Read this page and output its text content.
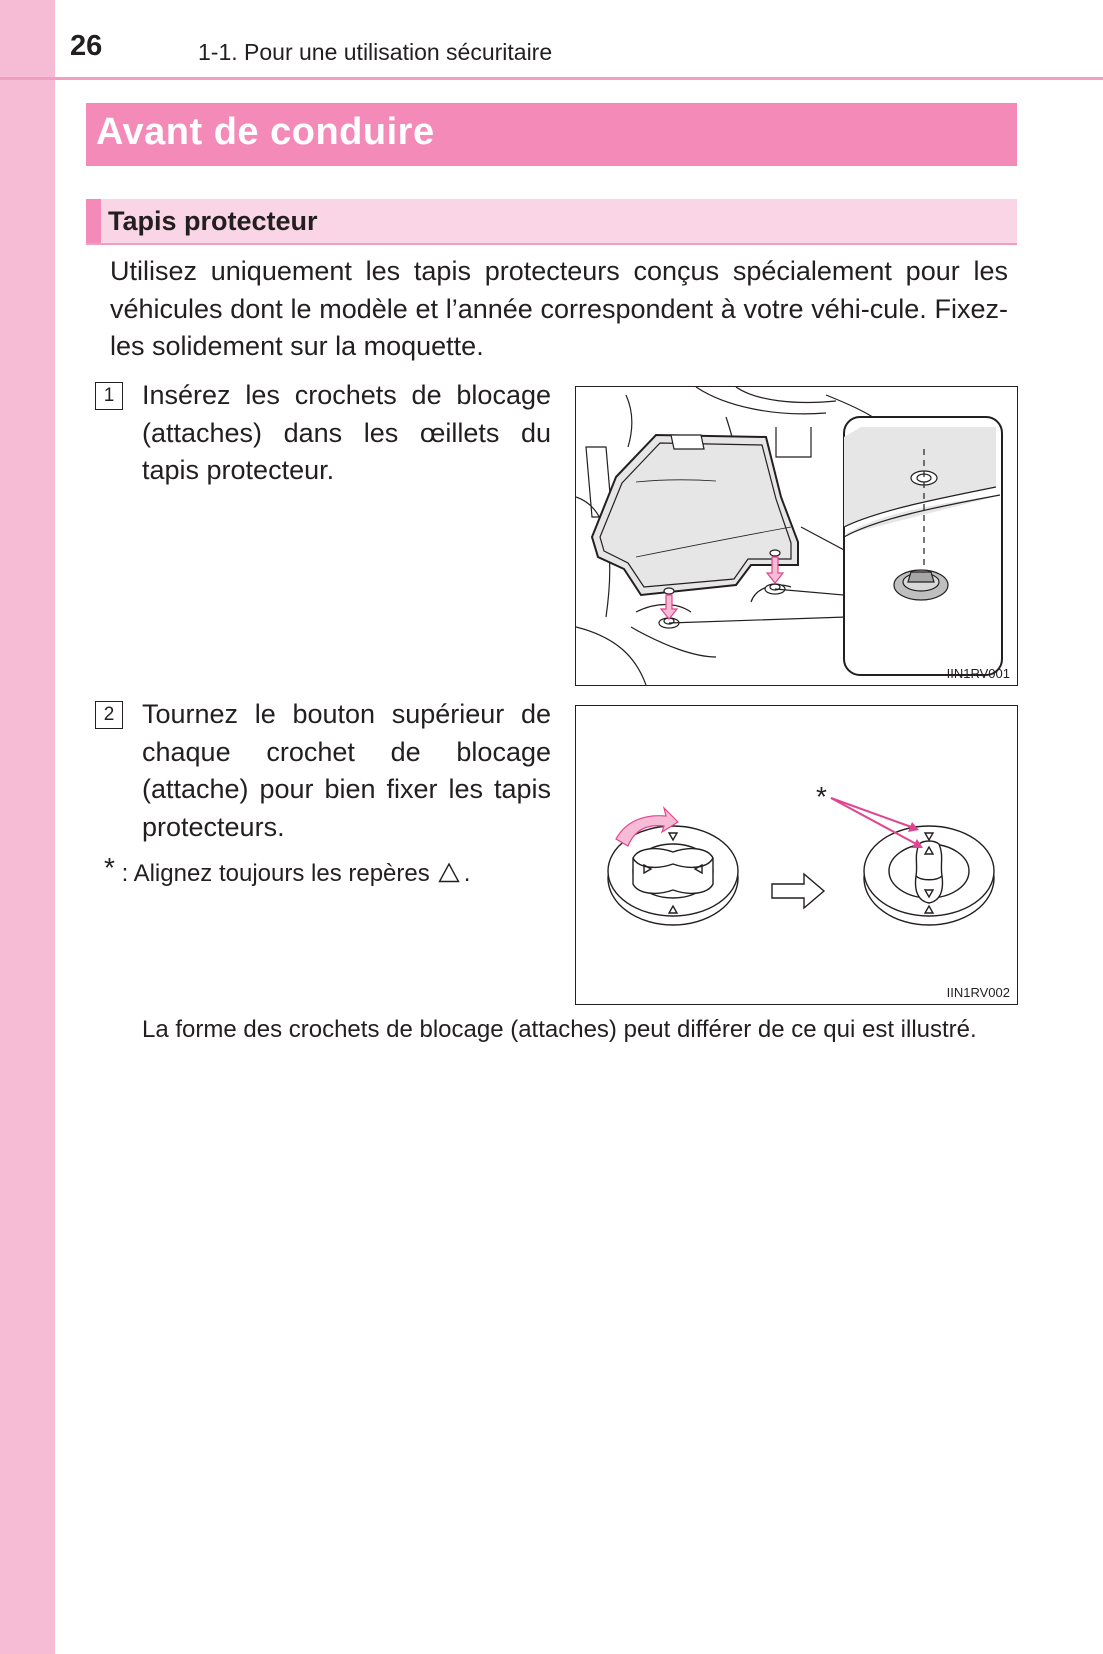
26	1-1. Pour une utilisation sécuritaire
Avant de conduire
Tapis protecteur
Utilisez uniquement les tapis protecteurs conçus spécialement pour les véhicules dont le modèle et l’année correspondent à votre véhi-cule. Fixez-les solidement sur la moquette.
1	Insérez les crochets de blocage (attaches) dans les œillets du tapis protecteur.
IIN1RV001
2	Tournez le bouton supérieur de chaque crochet de blocage (attache) pour bien fixer les tapis protecteurs.
* : Alignez toujours les repères .
*
IIN1RV002
La forme des crochets de blocage (attaches) peut différer de ce qui est illustré.
